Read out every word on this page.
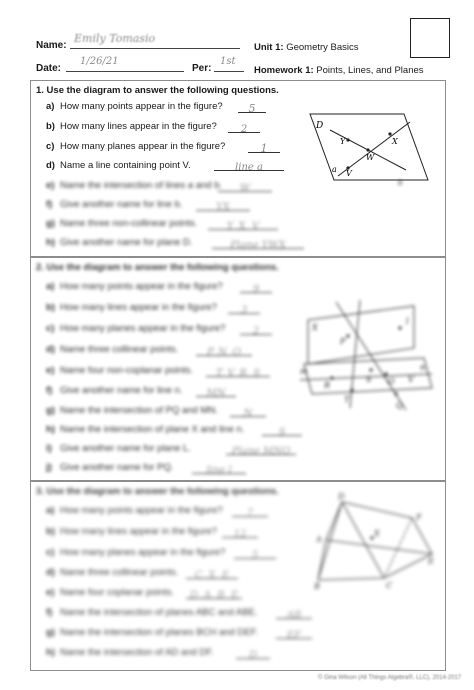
Name:
Emily Tomasio
Date:
1/26/21
Per:
1st
Unit 1: Geometry Basics
Homework 1: Points, Lines, and Planes
1. Use the diagram to answer the following questions.
a) How many points appear in the figure?	5
b) How many lines appear in the figure?	2
c) How many planes appear in the figure?	1
d) Name a line containing point V.	line a
e) Name the intersection of lines a and b.	W
f) Give another name for line b.	YX
g) Name three non-collinear points.	Y, X, V
h) Give another name for plane D.	Plane YWX
D
Y	X
W
a V
b
2. Use the diagram to answer the following questions.
a) How many points appear in the figure?	9
b) How many lines appear in the figure?	3
c) How many planes appear in the figure?	2
d) Name three collinear points.	P, N, Q
e) Name four non-coplanar points.	T, V, R, S
f) Give another name for line n.	MN
g) Name the intersection of PQ and MN.	N
h) Name the intersection of plane X and line n.	S
i) Give another name for plane L.	Plane MNO
j) Give another name for PQ.	line l
X
l
m	n
P
R
S O
T
Q
V
3. Use the diagram to answer the following questions.
a) How many points appear in the figure?	7
b) How many lines appear in the figure?	12
c) How many planes appear in the figure?	5
d) Name three collinear points.	C, X, E
e) Name four coplanar points.	D, A, B, E
f) Name the intersection of planes ABC and ABE.	AB
g) Name the intersection of planes BCH and DEF.	EF
h) Name the intersection of AD and DF.	D
D
F
A
X
E
B	C
© Gina Wilson (All Things Algebra®, LLC), 2014-2017
